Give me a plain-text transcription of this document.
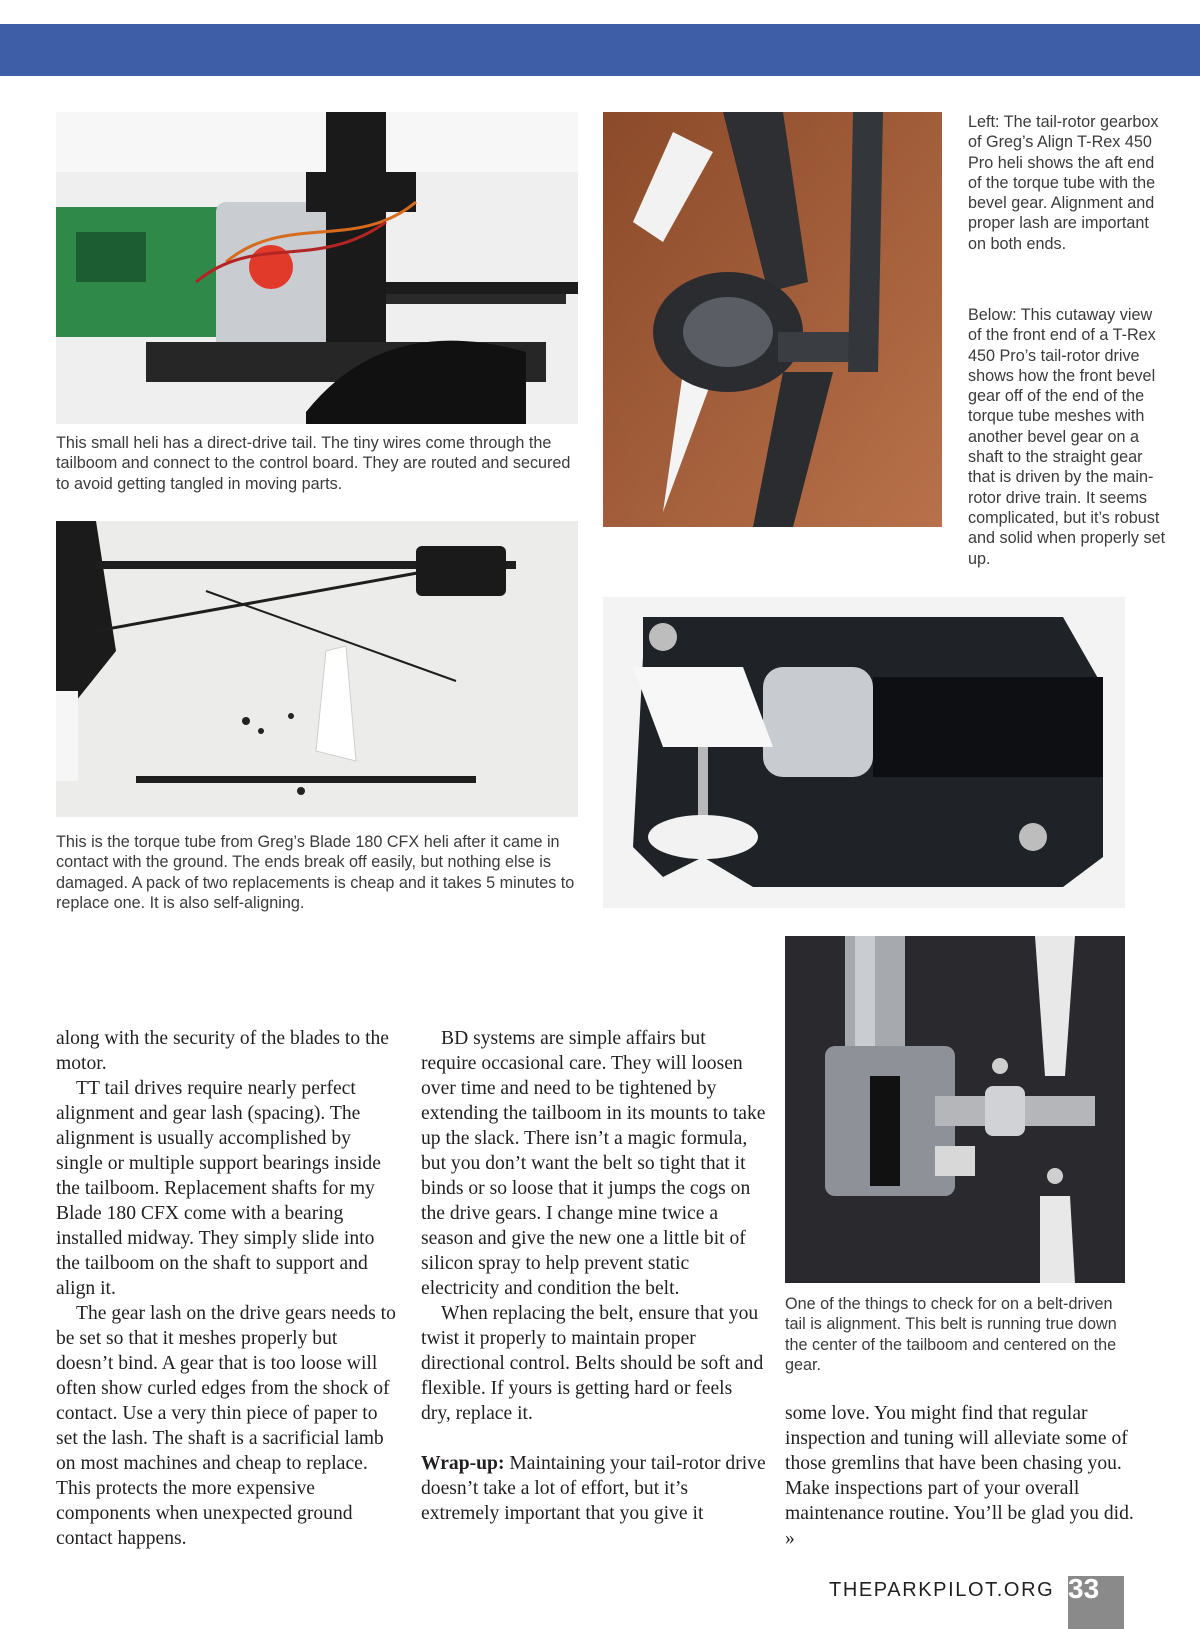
This small heli has a direct-drive tail. The tiny wires come through the tailboom and connect to the control board. They are routed and secured to avoid getting tangled in moving parts.
Left: The tail-rotor gearbox of Greg’s Align T-Rex 450 Pro heli shows the aft end of the torque tube with the bevel gear. Alignment and proper lash are important on both ends.
Below: This cutaway view of the front end of a T-Rex 450 Pro’s tail-rotor drive shows how the front bevel gear off of the end of the torque tube meshes with another bevel gear on a shaft to the straight gear that is driven by the main-rotor drive train. It seems complicated, but it’s robust and solid when properly set up.
This is the torque tube from Greg’s Blade 180 CFX heli after it came in contact with the ground. The ends break off easily, but nothing else is damaged. A pack of two replacements is cheap and it takes 5 minutes to replace one. It is also self-aligning.
One of the things to check for on a belt-driven tail is alignment. This belt is running true down the center of the tailboom and centered on the gear.

along with the security of the blades to the motor.

TT tail drives require nearly perfect alignment and gear lash (spacing). The alignment is usually accomplished by single or multiple support bearings inside the tailboom. Replacement shafts for my Blade 180 CFX come with a bearing installed midway. They simply slide into the tailboom on the shaft to support and align it.

The gear lash on the drive gears needs to be set so that it meshes properly but doesn’t bind. A gear that is too loose will often show curled edges from the shock of contact. Use a very thin piece of paper to set the lash. The shaft is a sacrificial lamb on most machines and cheap to replace. This protects the more expensive components when unexpected ground contact happens.

BD systems are simple affairs but require occasional care. They will loosen over time and need to be tightened by extending the tailboom in its mounts to take up the slack. There isn’t a magic formula, but you don’t want the belt so tight that it binds or so loose that it jumps the cogs on the drive gears. I change mine twice a season and give the new one a little bit of silicon spray to help prevent static electricity and condition the belt.

When replacing the belt, ensure that you twist it properly to maintain proper directional control. Belts should be soft and flexible. If yours is getting hard or feels dry, replace it.

Wrap-up: Maintaining your tail-rotor drive doesn’t take a lot of effort, but it’s extremely important that you give it

some love. You might find that regular inspection and tuning will alleviate some of those gremlins that have been chasing you. Make inspections part of your overall maintenance routine. You’ll be glad you did. »

THEPARKPILOT.ORG 33
